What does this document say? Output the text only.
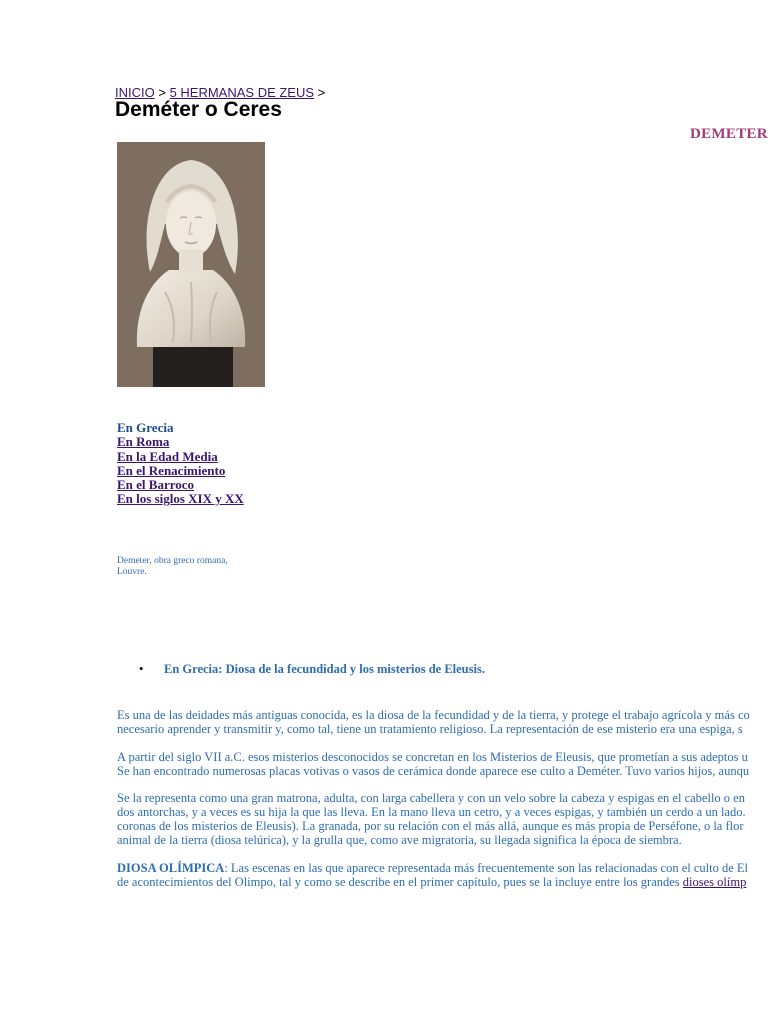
INICIO > 5 HERMANAS DE ZEUS >
Deméter o Ceres
DEMETER
En Grecia
En Roma
En la Edad Media
En el Renacimiento
En el Barroco
En los siglos XIX y XX
Demeter, obra greco romana, Louvre.
• En Grecia: Diosa de la fecundidad y los misterios de Eleusis.
Es una de las deidades más antiguas conocida, es la diosa de la fecundidad y de la tierra, y protege el trabajo agrícola y más co
necesario aprender y transmitir y, como tal, tiene un tratamiento religioso. La representación de ese misterio era una espiga, s
A partir del siglo VII a.C. esos misterios desconocidos se concretan en los Misterios de Eleusis, que prometían a sus adeptos u
Se han encontrado numerosas placas votivas o vasos de cerámica donde aparece ese culto a Deméter. Tuvo varios hijos, aunqu
Se la representa como una gran matrona, adulta, con larga cabellera y con un velo sobre la cabeza y espigas en el cabello o en
dos antorchas, y a veces es su hija la que las lleva. En la mano lleva un cetro, y a veces espigas, y también un cerdo a un lado.
coronas de los misterios de Eleusis). La granada, por su relación con el más allá, aunque es más propia de Perséfone, o la flor
animal de la tierra (diosa telúrica), y la grulla que, como ave migratoria, su llegada significa la época de siembra.
DIOSA OLÍMPICA: Las escenas en las que aparece representada más frecuentemente son las relacionadas con el culto de El
de acontecimientos del Olimpo, tal y como se describe en el primer capítulo, pues se la incluye entre los grandes dioses olímp
